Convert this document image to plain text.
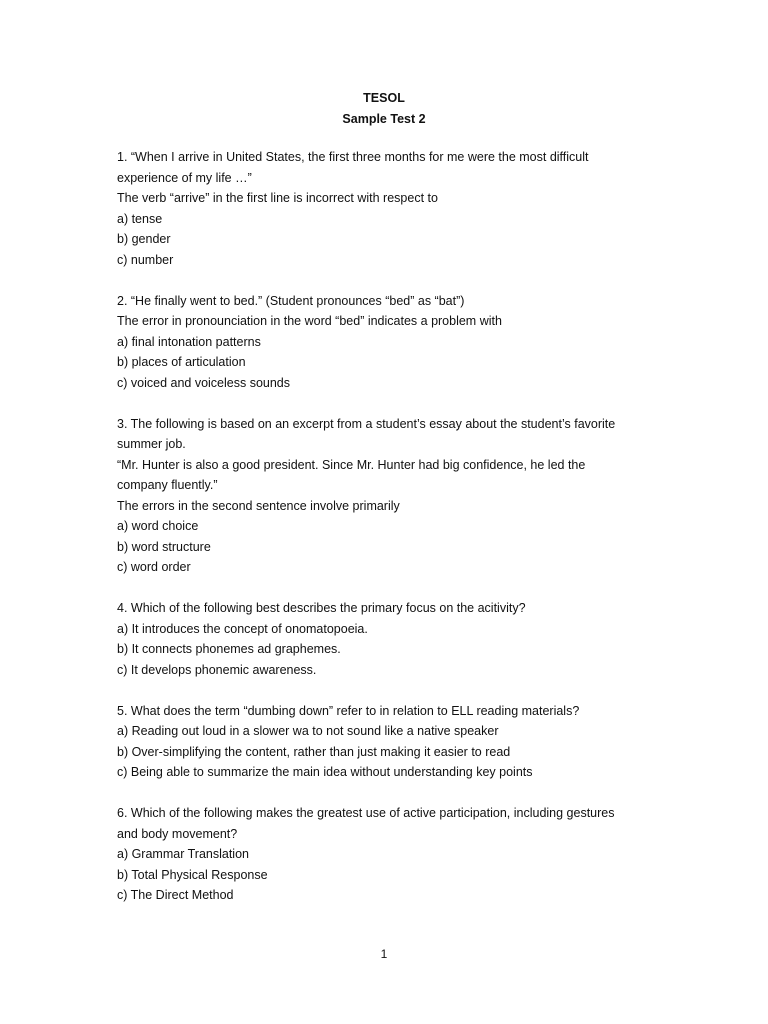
TESOL
Sample Test 2
1. “When I arrive in United States, the first three months for me were the most difficult
experience of my life …”
The verb “arrive” in the first line is incorrect with respect to
a) tense
b) gender
c) number
2. “He finally went to bed.” (Student pronounces “bed” as “bat”)
The error in pronounciation in the word “bed” indicates a problem with
a) final intonation patterns
b) places of articulation
c) voiced and voiceless sounds
3. The following is based on an excerpt from a student’s essay about the student’s favorite
summer job.
“Mr. Hunter is also a good president. Since Mr. Hunter had big confidence, he led the
company fluently.”
The errors in the second sentence involve primarily
a) word choice
b) word structure
c) word order
4. Which of the following best describes the primary focus on the acitivity?
a) It introduces the concept of onomatopoeia.
b) It connects phonemes ad graphemes.
c) It develops phonemic awareness.
5. What does the term “dumbing down” refer to in relation to ELL reading materials?
a) Reading out loud in a slower wa to not sound like a native speaker
b) Over-simplifying the content, rather than just making it easier to read
c) Being able to summarize the main idea without understanding key points
6. Which of the following makes the greatest use of active participation, including gestures
and body movement?
a) Grammar Translation
b) Total Physical Response
c) The Direct Method
1
